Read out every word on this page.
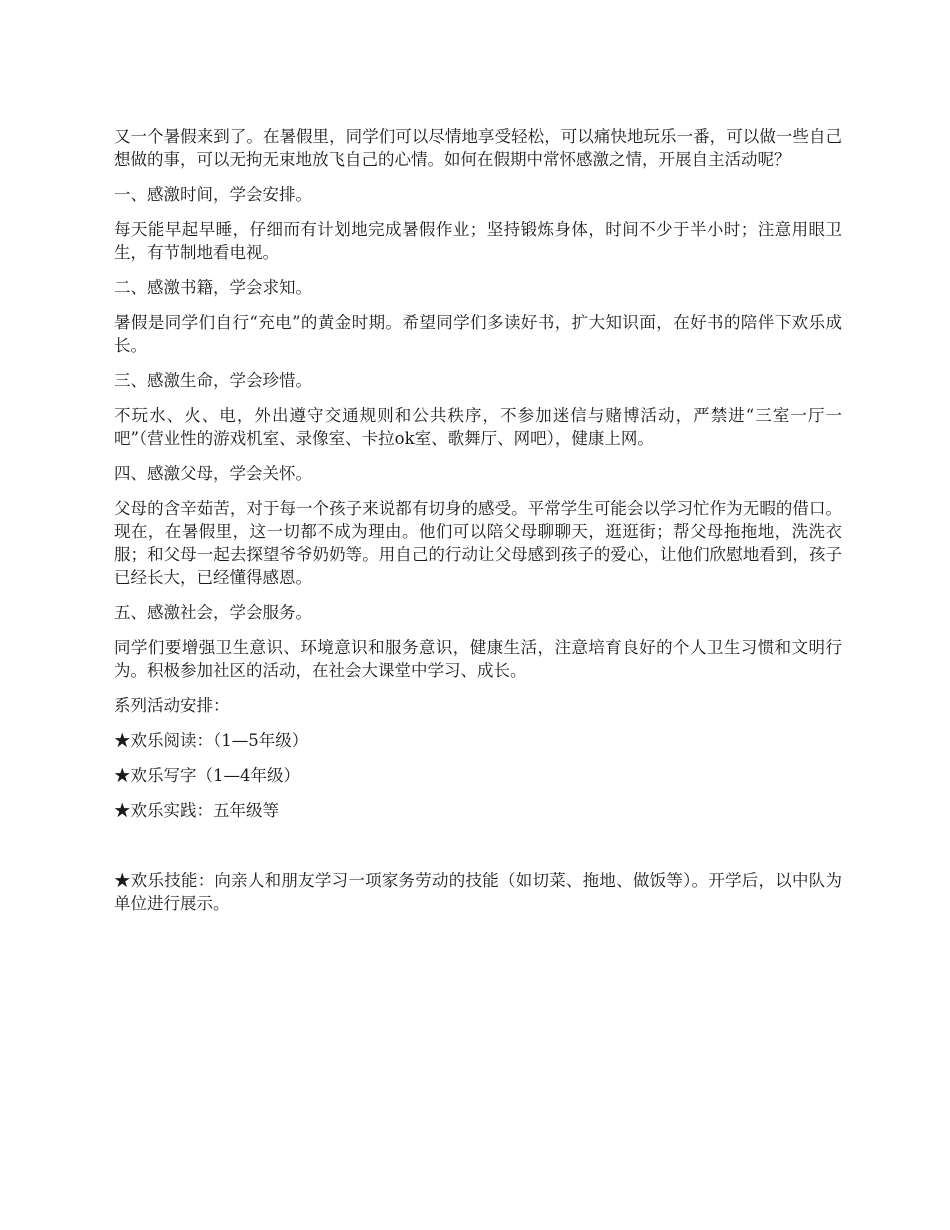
又一个暑假来到了。在暑假里，同学们可以尽情地享受轻松，可以痛快地玩乐一番，可以做一些自己想做的事，可以无拘无束地放飞自己的心情。如何在假期中常怀感激之情，开展自主活动呢？

一、感激时间，学会安排。

每天能早起早睡，仔细而有计划地完成暑假作业；坚持锻炼身体，时间不少于半小时；注意用眼卫生，有节制地看电视。

二、感激书籍，学会求知。

暑假是同学们自行“充电”的黄金时期。希望同学们多读好书，扩大知识面，在好书的陪伴下欢乐成长。

三、感激生命，学会珍惜。

不玩水、火、电，外出遵守交通规则和公共秩序，不参加迷信与赌博活动，严禁进“三室一厅一吧”（营业性的游戏机室、录像室、卡拉ok室、歌舞厅、网吧），健康上网。

四、感激父母，学会关怀。

父母的含辛茹苦，对于每一个孩子来说都有切身的感受。平常学生可能会以学习忙作为无暇的借口。现在，在暑假里，这一切都不成为理由。他们可以陪父母聊聊天，逛逛街；帮父母拖拖地，洗洗衣服；和父母一起去探望爷爷奶奶等。用自己的行动让父母感到孩子的爱心，让他们欣慰地看到，孩子已经长大，已经懂得感恩。

五、感激社会，学会服务。

同学们要增强卫生意识、环境意识和服务意识，健康生活，注意培育良好的个人卫生习惯和文明行为。积极参加社区的活动，在社会大课堂中学习、成长。

系列活动安排：

★欢乐阅读：（1—5年级）

★欢乐写字（1—4年级）

★欢乐实践：五年级等

★欢乐技能：向亲人和朋友学习一项家务劳动的技能（如切菜、拖地、做饭等）。开学后，以中队为单位进行展示。
